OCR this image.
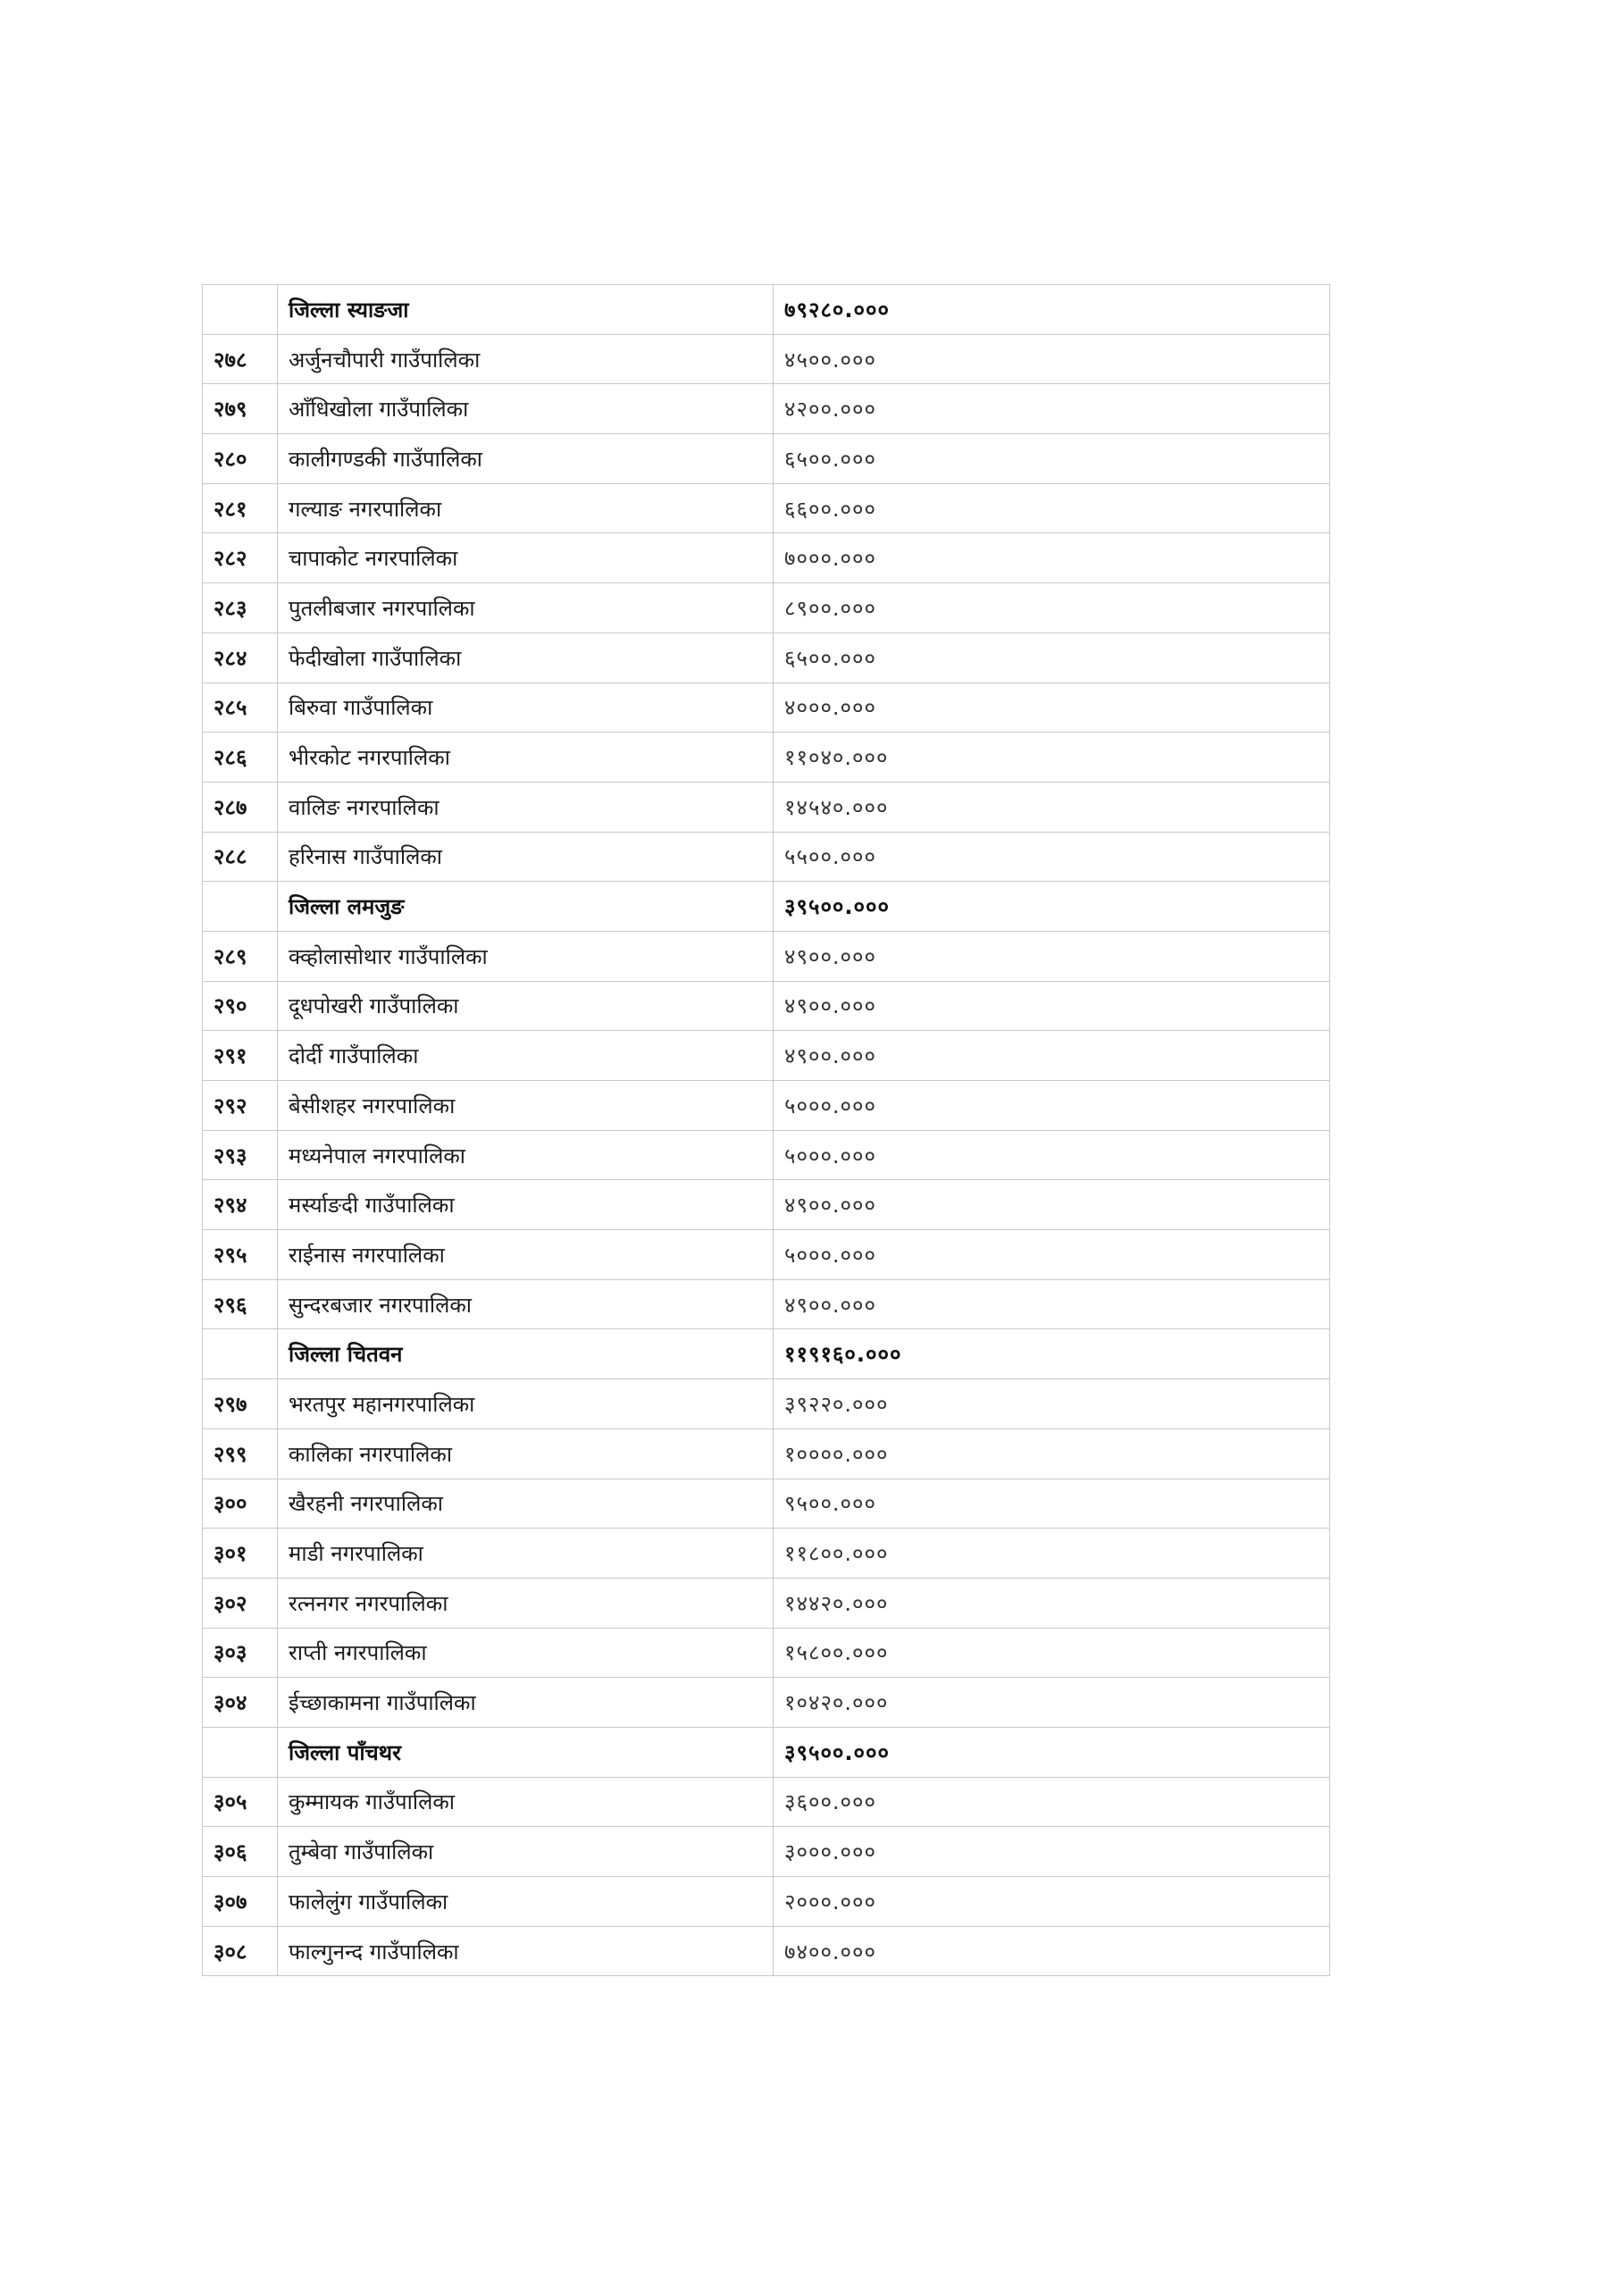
	जिल्ला स्याङजा	७९२८०.०००
२७८	अर्जुनचौपारी गाउँपालिका	४५००.०००
२७९	आँधिखोला गाउँपालिका	४२००.०००
२८०	कालीगण्डकी गाउँपालिका	६५००.०००
२८१	गल्याङ नगरपालिका	६६००.०००
२८२	चापाकोट नगरपालिका	७०००.०००
२८३	पुतलीबजार नगरपालिका	८९००.०००
२८४	फेदीखोला गाउँपालिका	६५००.०००
२८५	बिरुवा गाउँपालिका	४०००.०००
२८६	भीरकोट नगरपालिका	११०४०.०००
२८७	वालिङ नगरपालिका	१४५४०.०००
२८८	हरिनास गाउँपालिका	५५००.०००
	जिल्ला लमजुङ	३९५००.०००
२८९	क्व्होलासोथार गाउँपालिका	४९००.०००
२९०	दूधपोखरी गाउँपालिका	४९००.०००
२९१	दोर्दी गाउँपालिका	४९००.०००
२९२	बेसीशहर नगरपालिका	५०००.०००
२९३	मध्यनेपाल नगरपालिका	५०००.०००
२९४	मर्स्याङदी गाउँपालिका	४९००.०००
२९५	राईनास नगरपालिका	५०००.०००
२९६	सुन्दरबजार नगरपालिका	४९००.०००
	जिल्ला चितवन	११९१६०.०००
२९७	भरतपुर महानगरपालिका	३९२२०.०००
२९९	कालिका नगरपालिका	१००००.०००
३००	खैरहनी नगरपालिका	९५००.०००
३०१	माडी नगरपालिका	११८००.०००
३०२	रत्ननगर नगरपालिका	१४४२०.०००
३०३	राप्ती नगरपालिका	१५८००.०००
३०४	ईच्छाकामना गाउँपालिका	१०४२०.०००
	जिल्ला पाँचथर	३९५००.०००
३०५	कुम्मायक गाउँपालिका	३६००.०००
३०६	तुम्बेवा गाउँपालिका	३०००.०००
३०७	फालेलुंग गाउँपालिका	२०००.०००
३०८	फाल्गुनन्द गाउँपालिका	७४००.०००
